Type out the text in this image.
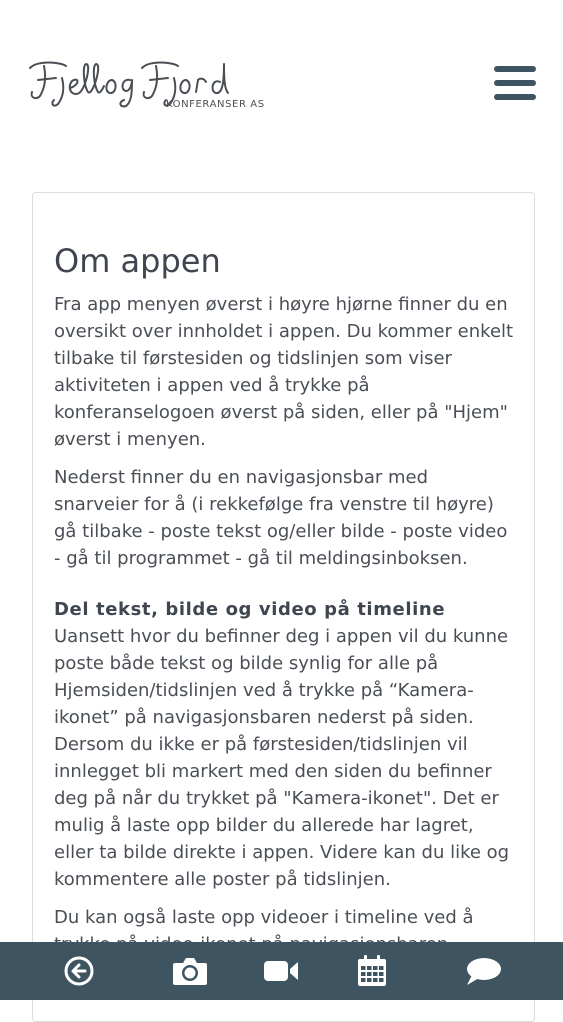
KONFERANSER AS
Om appen

Fra app menyen øverst i høyre hjørne finner du en oversikt over innholdet i appen. Du kommer enkelt tilbake til førstesiden og tidslinjen som viser aktiviteten i appen ved å trykke på konferanselogoen øverst på siden, eller på "Hjem" øverst i menyen.

Nederst finner du en navigasjonsbar med snarveier for å (i rekkefølge fra venstre til høyre) gå tilbake - poste tekst og/eller bilde - poste video - gå til programmet - gå til meldingsinboksen.

Del tekst, bilde og video på timeline

Uansett hvor du befinner deg i appen vil du kunne poste både tekst og bilde synlig for alle på Hjemsiden/tidslinjen ved å trykke på “Kamera-ikonet” på navigasjonsbaren nederst på siden. Dersom du ikke er på førstesiden/tidslinjen vil innlegget bli markert med den siden du befinner deg på når du trykket på "Kamera-ikonet". Det er mulig å laste opp bilder du allerede har lagret, eller ta bilde direkte i appen. Videre kan du like og kommentere alle poster på tidslinjen.

Du kan også laste opp videoer i timeline ved å
